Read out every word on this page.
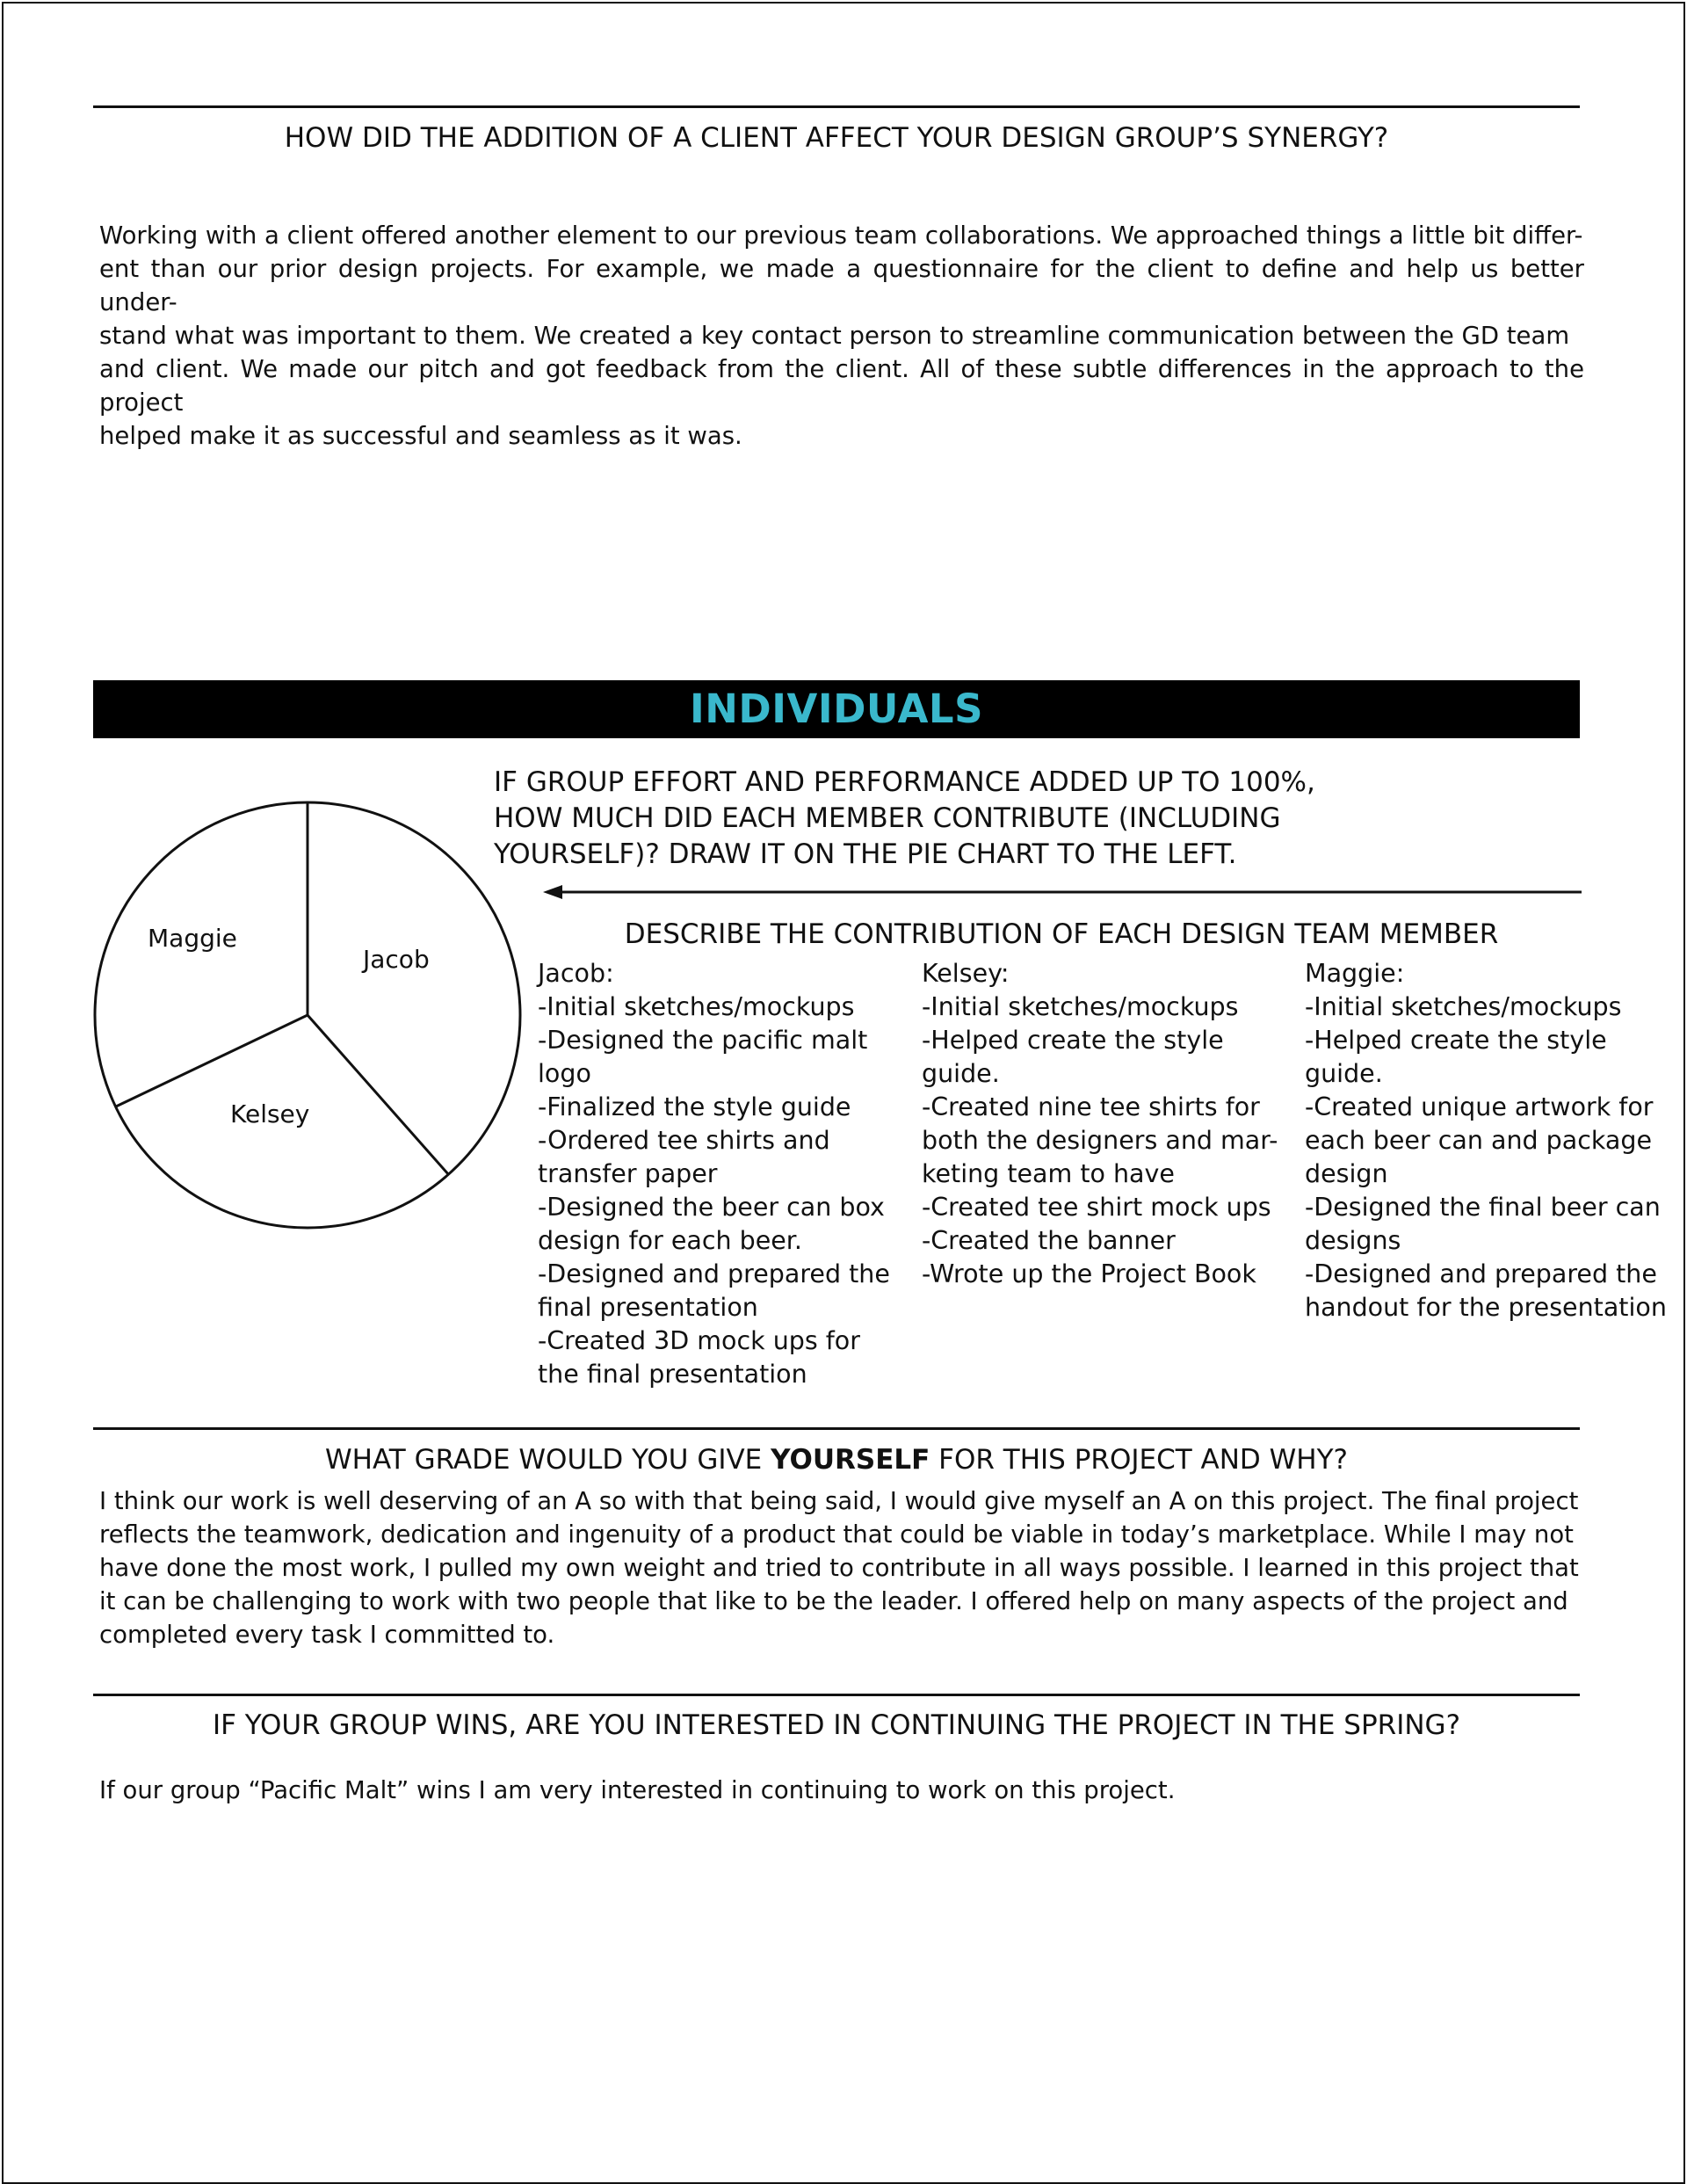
HOW DID THE ADDITION OF A CLIENT AFFECT YOUR DESIGN GROUP’S SYNERGY?
Working with a client offered another element to our previous team collaborations. We approached things a little bit differ-
ent than our prior design projects. For example, we made a questionnaire for the client to define and help us better under-
stand what was important to them. We created a key contact person to streamline communication between the GD team
and client. We made our pitch and got feedback from the client. All of these subtle differences in the approach to the project
helped make it as successful and seamless as it was.
INDIVIDUALS
Maggie
Jacob
Kelsey
IF GROUP EFFORT AND PERFORMANCE ADDED UP TO 100%,
HOW MUCH DID EACH MEMBER CONTRIBUTE (INCLUDING
YOURSELF)? DRAW IT ON THE PIE CHART TO THE LEFT.
DESCRIBE THE CONTRIBUTION OF EACH DESIGN TEAM MEMBER
Jacob:
-Initial sketches/mockups
-Designed the pacific malt
logo
-Finalized the style guide
-Ordered tee shirts and
transfer paper
-Designed the beer can box
design for each beer.
-Designed and prepared the
final presentation
-Created 3D mock ups for
the final presentation
Kelsey:
-Initial sketches/mockups
-Helped create the style
guide.
-Created nine tee shirts for
both the designers and mar-
keting team to have
-Created tee shirt mock ups
-Created the banner
-Wrote up the Project Book
Maggie:
-Initial sketches/mockups
-Helped create the style
guide.
-Created unique artwork for
each beer can and package
design
-Designed the final beer can
designs
-Designed and prepared the
handout for the presentation
WHAT GRADE WOULD YOU GIVE YOURSELF FOR THIS PROJECT AND WHY?
I think our work is well deserving of an A so with that being said, I would give myself an A on this project. The final project
reflects the teamwork, dedication and ingenuity of a product that could be viable in today’s marketplace. While I may not
have done the most work, I pulled my own weight and tried to contribute in all ways possible. I learned in this project that
it can be challenging to work with two people that like to be the leader. I offered help on many aspects of the project and
completed every task I committed to.
IF YOUR GROUP WINS, ARE YOU INTERESTED IN CONTINUING THE PROJECT IN THE SPRING?
If our group “Pacific Malt” wins I am very interested in continuing to work on this project.
